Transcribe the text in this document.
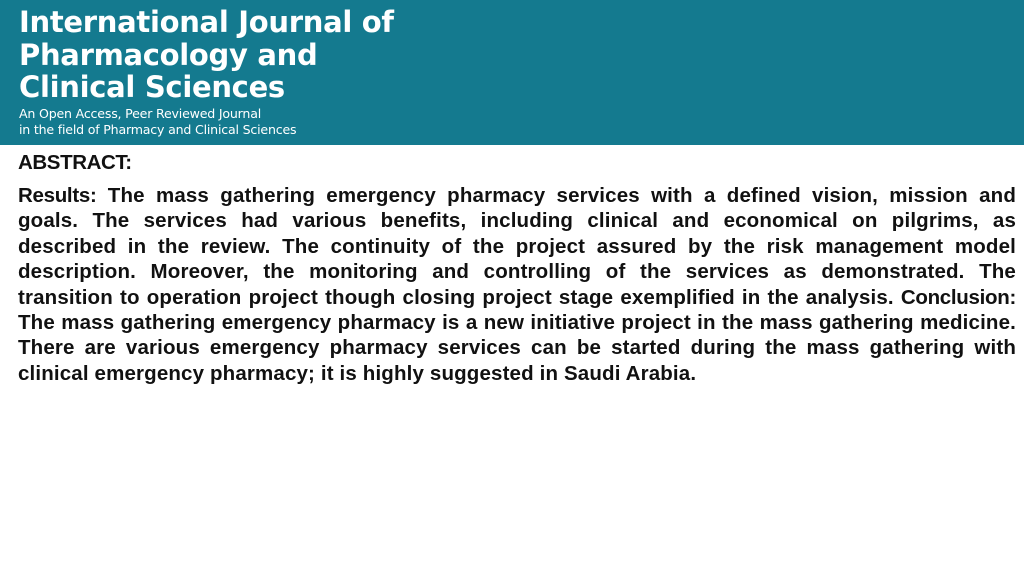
International Journal of
Pharmacology and
Clinical Sciences
An Open Access, Peer Reviewed Journal
in the field of Pharmacy and Clinical Sciences
ABSTRACT:

Results: The mass gathering emergency pharmacy services with a defined vision, mission and goals. The services had various benefits, including clinical and economical on pilgrims, as described in the review. The continuity of the project assured by the risk management model description. Moreover, the monitoring and controlling of the services as demonstrated. The transition to operation project though closing project stage exemplified in the analysis. Conclusion: The mass gathering emergency pharmacy is a new initiative project in the mass gathering medicine. There are various emergency pharmacy services can be started during the mass gathering with clinical emergency pharmacy; it is highly suggested in Saudi Arabia.
